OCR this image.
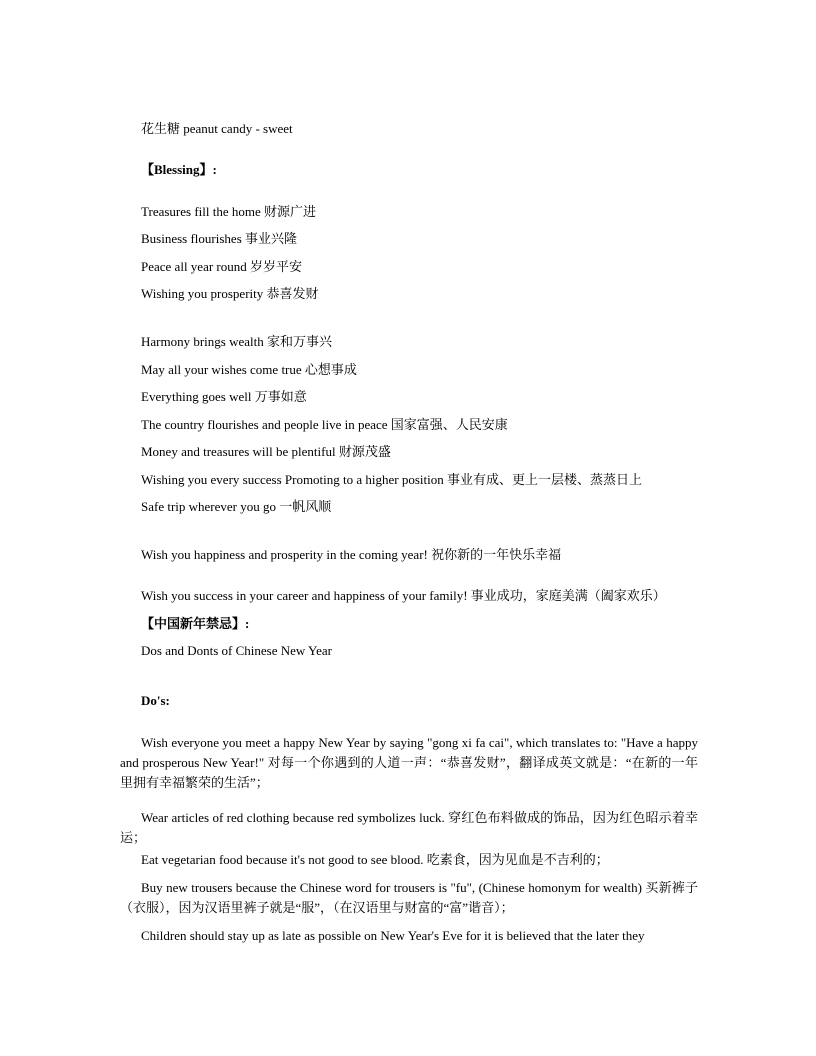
花生糖 peanut candy - sweet
【Blessing】:
Treasures fill the home 财源广进
Business flourishes 事业兴隆
Peace all year round 岁岁平安
Wishing you prosperity 恭喜发财
Harmony brings wealth 家和万事兴
May all your wishes come true 心想事成
Everything goes well 万事如意
The country flourishes and people live in peace 国家富强、人民安康
Money and treasures will be plentiful 财源茂盛
Wishing you every success Promoting to a higher position 事业有成、更上一层楼、蒸蒸日上
Safe trip wherever you go 一帆风顺
Wish you happiness and prosperity in the coming year! 祝你新的一年快乐幸福
Wish you success in your career and happiness of your family! 事业成功，家庭美满（阖家欢乐）
【中国新年禁忌】:
Dos and Donts of Chinese New Year
Do's:
Wish everyone you meet a happy New Year by saying "gong xi fa cai", which translates to: "Have a happy and prosperous New Year!" 对每一个你遇到的人道一声：“恭喜发财”，翻译成英文就是：“在新的一年里拥有幸福繁荣的生活”；
Wear articles of red clothing because red symbolizes luck. 穿红色布料做成的饰品，因为红色昭示着幸运；
Eat vegetarian food because it's not good to see blood. 吃素食，因为见血是不吉利的；
Buy new trousers because the Chinese word for trousers is "fu", (Chinese homonym for wealth) 买新裤子（衣服），因为汉语里裤子就是“服”，（在汉语里与财富的“富”谐音）；
Children should stay up as late as possible on New Year's Eve for it is believed that the later they
